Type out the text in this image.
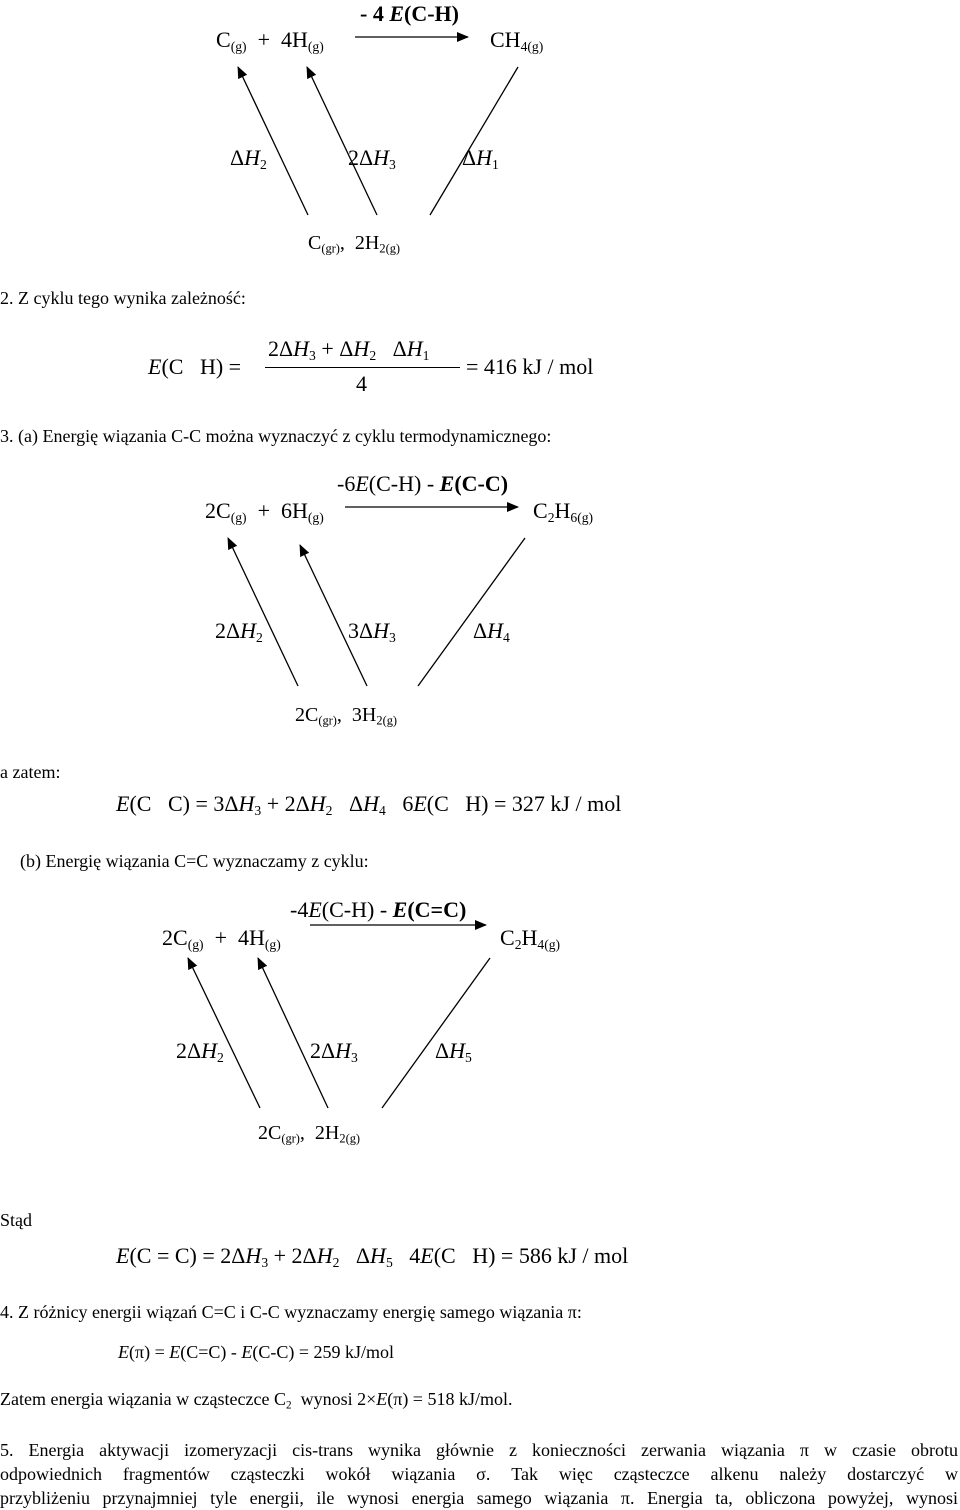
- 4 E(C-H)
$C_{(g)} + 4H_{(g)}$	$CH_{4(g)}$
$\Delta H_2$	$2\Delta H_3$	$\Delta H_1$
$C_{(gr)}$,  $2H_{2(g)}$
2. Z cyklu tego wynika zależność:
E(C   H) =
$2\Delta H_3 + \Delta H_2$   $\Delta H_1$
4
= 416 kJ / mol
3. (a) Energię wiązania C-C można wyznaczyć z cyklu termodynamicznego:
-6E(C-H) - E(C-C)
$2C_{(g)} + 6H_{(g)}$	$C_2H_{6(g)}$
$2\Delta H_2$	$3\Delta H_3$	$\Delta H_4$
$2C_{(gr)}$,  $3H_{2(g)}$
a zatem:
E(C   $C) = 3\Delta H_3 + 2\Delta H_2$   $\Delta H_4$   6E(C   H) = 327 kJ / mol
(b) Energię wiązania C=C wyznaczamy z cyklu:
-4E(C-H) - E(C=C)
$2C_{(g)} + 4H_{(g)}$	$C_2H_{4(g)}$
$2\Delta H_2$	$2\Delta H_3$	$\Delta H_5$
$2C_{(gr)}$,  $2H_{2(g)}$
Stąd
$E(C = C) = 2\Delta H_3 + 2\Delta H_2$   $\Delta H_5$   4E(C   H) = 586 kJ / mol
4. Z różnicy energii wiązań C=C i C-C wyznaczamy energię samego wiązania π:
E(π) = E(C=C) - E(C-C) = 259 kJ/mol
Zatem energia wiązania w cząsteczce $C_2$  wynosi 2×E(π) = 518 kJ/mol.
5. Energia aktywacji izomeryzacji cis-trans wynika głównie z konieczności zerwania wiązania π w czasie obrotu
odpowiednich fragmentów cząsteczki wokół wiązania σ. Tak więc cząsteczce alkenu należy dostarczyć w
przybliżeniu przynajmniej tyle energii, ile wynosi energia samego wiązania π. Energia ta, obliczona powyżej, wynosi
